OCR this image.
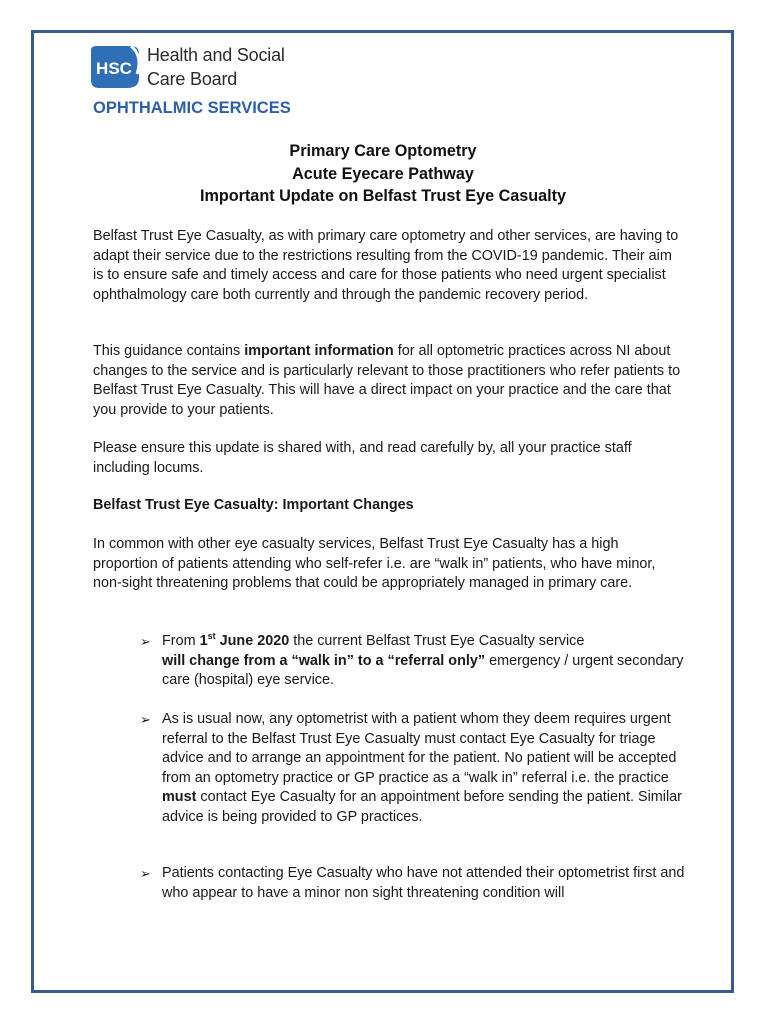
HSC
Health and Social
Care Board
OPHTHALMIC SERVICES
Primary Care Optometry
Acute Eyecare Pathway
Important Update on Belfast Trust Eye Casualty
Belfast Trust Eye Casualty, as with primary care optometry and other services, are having to adapt their service due to the restrictions resulting from the COVID-19 pandemic. Their aim is to ensure safe and timely access and care for those patients who need urgent specialist ophthalmology care both currently and through the pandemic recovery period.
This guidance contains important information for all optometric practices across NI about changes to the service and is particularly relevant to those practitioners who refer patients to Belfast Trust Eye Casualty. This will have a direct impact on your practice and the care that you provide to your patients.
Please ensure this update is shared with, and read carefully by, all your practice staff including locums.
Belfast Trust Eye Casualty: Important Changes
In common with other eye casualty services, Belfast Trust Eye Casualty has a high proportion of patients attending who self-refer i.e. are “walk in” patients, who have minor, non-sight threatening problems that could be appropriately managed in primary care.
➢ From 1st June 2020 the current Belfast Trust Eye Casualty service
will change from a “walk in” to a “referral only” emergency / urgent secondary care (hospital) eye service.
➢ As is usual now, any optometrist with a patient whom they deem requires urgent referral to the Belfast Trust Eye Casualty must contact Eye Casualty for triage advice and to arrange an appointment for the patient. No patient will be accepted from an optometry practice or GP practice as a “walk in” referral i.e. the practice must contact Eye Casualty for an appointment before sending the patient. Similar advice is being provided to GP practices.
➢ Patients contacting Eye Casualty who have not attended their optometrist first and who appear to have a minor non sight threatening condition will
